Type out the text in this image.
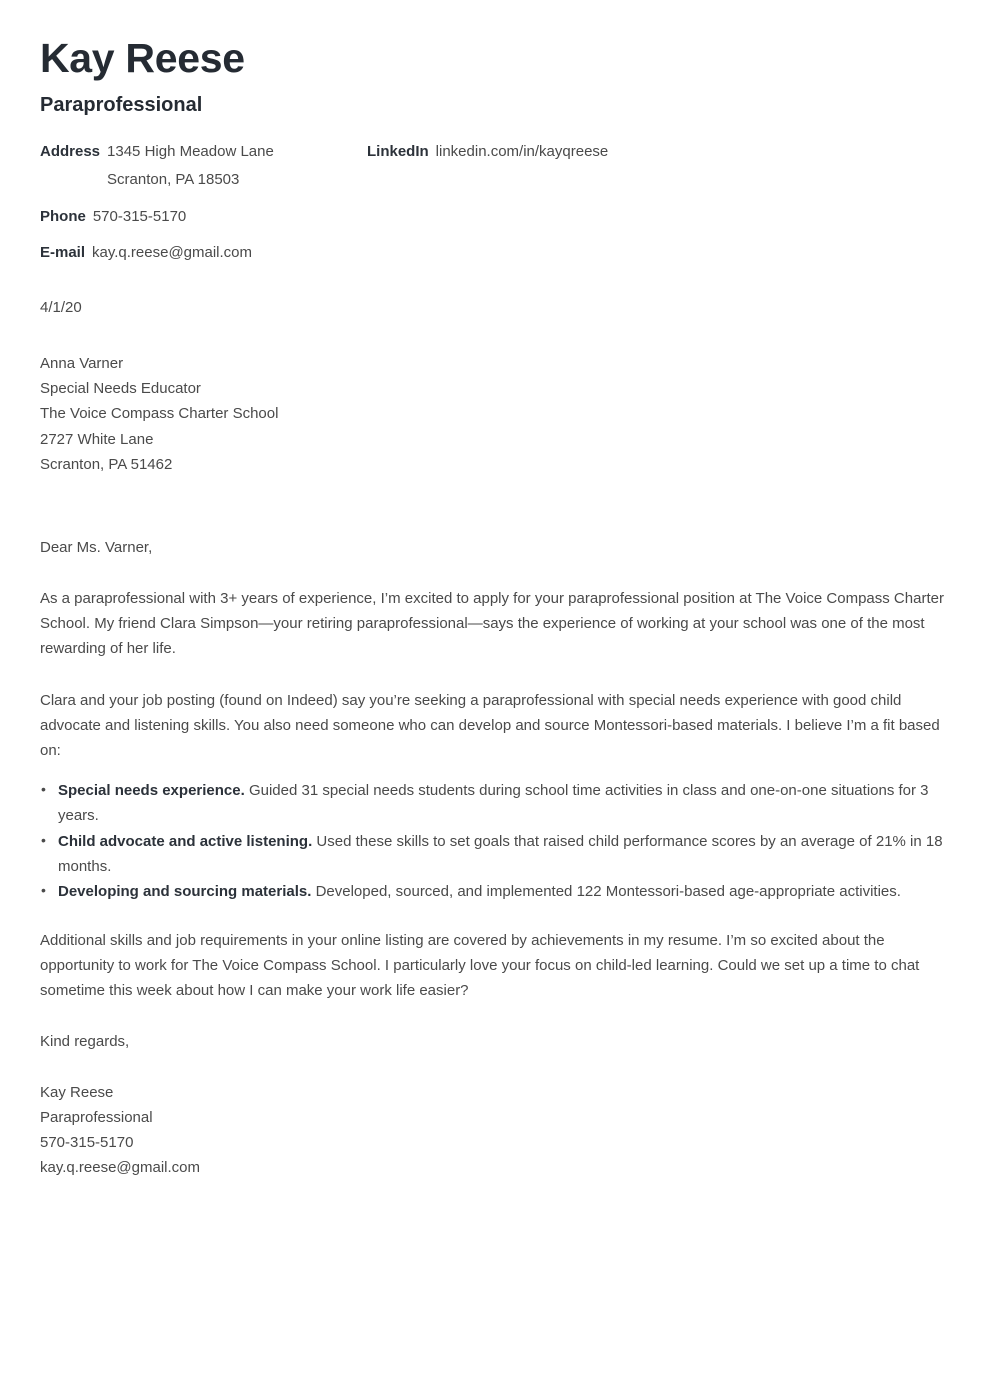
Kay Reese
Paraprofessional
Address 1345 High Meadow Lane
Scranton, PA 18503
Phone 570-315-5170
E-mail kay.q.reese@gmail.com
LinkedIn linkedin.com/in/kayqreese
4/1/20
Anna Varner
Special Needs Educator
The Voice Compass Charter School
2727 White Lane
Scranton, PA 51462
Dear Ms. Varner,

As a paraprofessional with 3+ years of experience, I’m excited to apply for your paraprofessional position at The Voice Compass Charter School. My friend Clara Simpson—your retiring paraprofessional—says the experience of working at your school was one of the most rewarding of her life.

Clara and your job posting (found on Indeed) say you’re seeking a paraprofessional with special needs experience with good child advocate and listening skills. You also need someone who can develop and source Montessori-based materials. I believe I’m a fit based on:

• Special needs experience. Guided 31 special needs students during school time activities in class and one-on-one situations for 3 years.
• Child advocate and active listening. Used these skills to set goals that raised child performance scores by an average of 21% in 18 months.
• Developing and sourcing materials. Developed, sourced, and implemented 122 Montessori-based age-appropriate activities.

Additional skills and job requirements in your online listing are covered by achievements in my resume. I’m so excited about the opportunity to work for The Voice Compass School. I particularly love your focus on child-led learning. Could we set up a time to chat sometime this week about how I can make your work life easier?

Kind regards,
Kay Reese
Paraprofessional
570-315-5170
kay.q.reese@gmail.com
